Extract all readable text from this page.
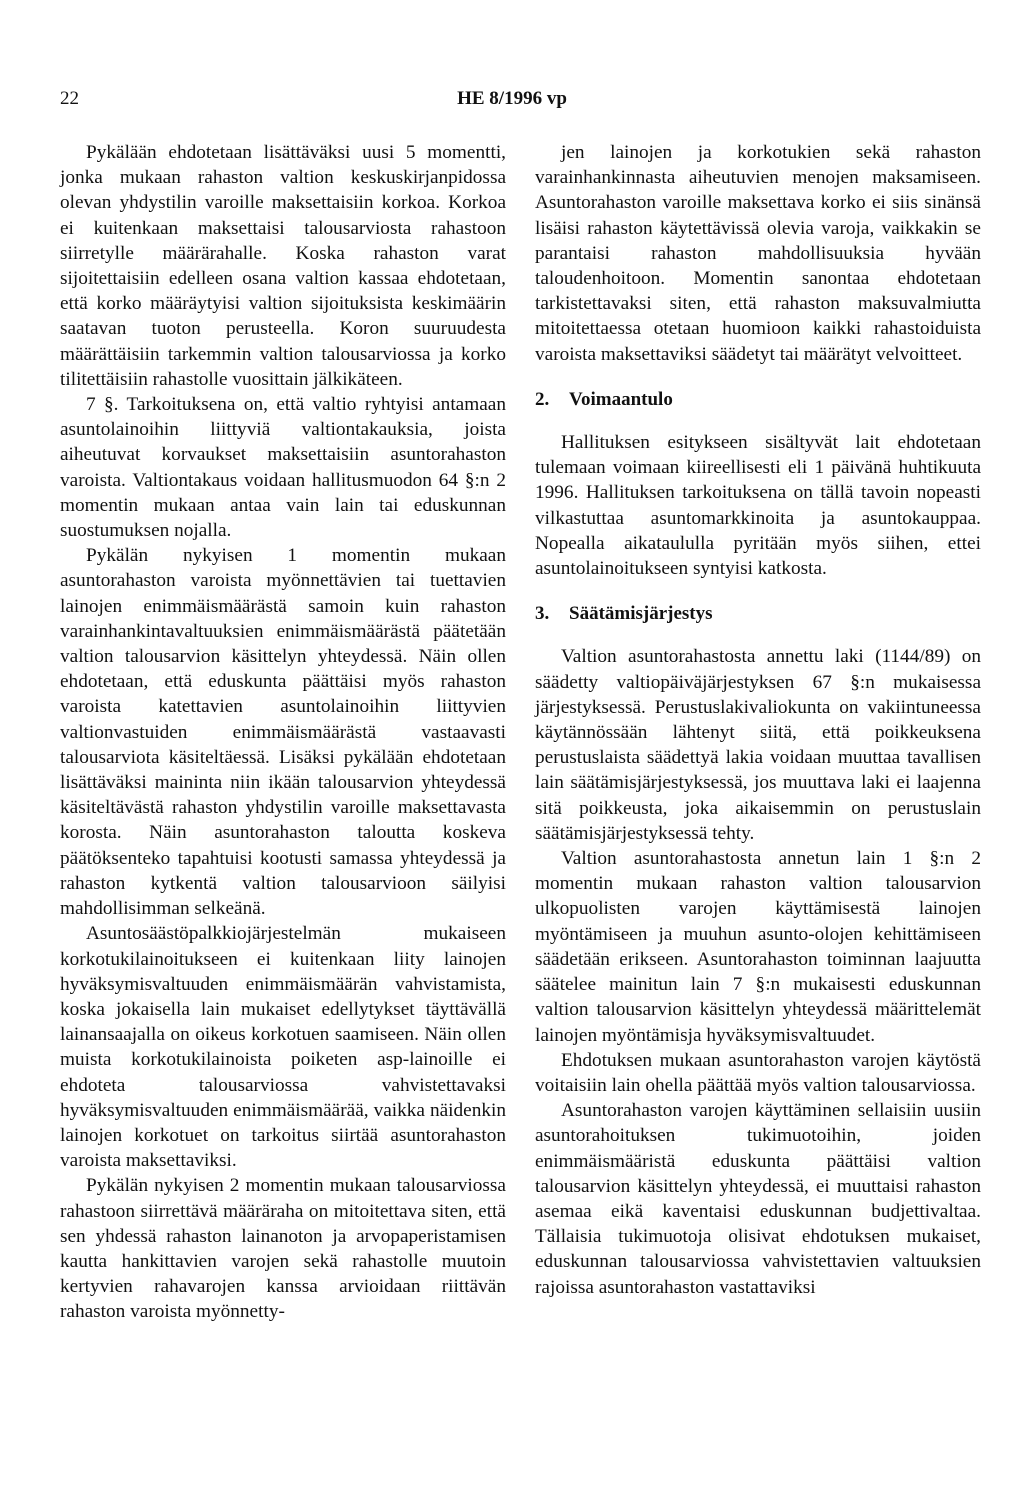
22	HE 8/1996 vp

Pykälään ehdotetaan lisättäväksi uusi 5 momentti, jonka mukaan rahaston valtion keskuskirjanpidossa olevan yhdystilin varoille maksettaisiin korkoa. Korkoa ei kuitenkaan maksettaisi talousarviosta rahastoon siirretylle määrärahalle. Koska rahaston varat sijoitettaisiin edelleen osana valtion kassaa ehdotetaan, että korko määräytyisi valtion sijoituksista keskimäärin saatavan tuoton perusteella. Koron suuruudesta määrättäisiin tarkemmin valtion talousarviossa ja korko tilitettäisiin rahastolle vuosittain jälkikäteen.

7 §. Tarkoituksena on, että valtio ryhtyisi antamaan asuntolainoihin liittyviä valtiontakauksia, joista aiheutuvat korvaukset maksettaisiin asuntorahaston varoista. Valtiontakaus voidaan hallitusmuodon 64 §:n 2 momentin mukaan antaa vain lain tai eduskunnan suostumuksen nojalla.

Pykälän nykyisen 1 momentin mukaan asuntorahaston varoista myönnettävien tai tuettavien lainojen enimmäismäärästä samoin kuin rahaston varainhankintavaltuuksien enimmäismäärästä päätetään valtion talousarvion käsittelyn yhteydessä. Näin ollen ehdotetaan, että eduskunta päättäisi myös rahaston varoista katettavien asuntolainoihin liittyvien valtionvastuiden enimmäismäärästä vastaavasti talousarviota käsiteltäessä. Lisäksi pykälään ehdotetaan lisättäväksi maininta niin ikään talousarvion yhteydessä käsiteltävästä rahaston yhdystilin varoille maksettavasta korosta. Näin asuntorahaston taloutta koskeva päätöksenteko tapahtuisi kootusti samassa yhteydessä ja rahaston kytkentä valtion talousarvioon säilyisi mahdollisimman selkeänä.

Asuntosäästöpalkkiojärjestelmän mukaiseen korkotukilainoitukseen ei kuitenkaan liity lainojen hyväksymisvaltuuden enimmäismäärän vahvistamista, koska jokaisella lain mukaiset edellytykset täyttävällä lainansaajalla on oikeus korkotuen saamiseen. Näin ollen muista korkotukilainoista poiketen asp-lainoille ei ehdoteta talousarviossa vahvistettavaksi hyväksymisvaltuuden enimmäismäärää, vaikka näidenkin lainojen korkotuet on tarkoitus siirtää asuntorahaston varoista maksettaviksi.

Pykälän nykyisen 2 momentin mukaan talousarviossa rahastoon siirrettävä määräraha on mitoitettava siten, että sen yhdessä rahaston lainanoton ja arvopaperistamisen kautta hankittavien varojen sekä rahastolle muutoin kertyvien rahavarojen kanssa arvioidaan riittävän rahaston varoista myönnetty-

jen lainojen ja korkotukien sekä rahaston varainhankinnasta aiheutuvien menojen maksamiseen. Asuntorahaston varoille maksettava korko ei siis sinänsä lisäisi rahaston käytettävissä olevia varoja, vaikkakin se parantaisi rahaston mahdollisuuksia hyvään taloudenhoitoon. Momentin sanontaa ehdotetaan tarkistettavaksi siten, että rahaston maksuvalmiutta mitoitettaessa otetaan huomioon kaikki rahastoiduista varoista maksettaviksi säädetyt tai määrätyt velvoitteet.

2. Voimaantulo

Hallituksen esitykseen sisältyvät lait ehdotetaan tulemaan voimaan kiireellisesti eli 1 päivänä huhtikuuta 1996. Hallituksen tarkoituksena on tällä tavoin nopeasti vilkastuttaa asuntomarkkinoita ja asuntokauppaa. Nopealla aikataululla pyritään myös siihen, ettei asuntolainoitukseen syntyisi katkosta.

3. Säätämisjärjestys

Valtion asuntorahastosta annettu laki (1144/89) on säädetty valtiopäiväjärjestyksen 67 §:n mukaisessa järjestyksessä. Perustuslakivaliokunta on vakiintuneessa käytännössään lähtenyt siitä, että poikkeuksena perustuslaista säädettyä lakia voidaan muuttaa tavallisen lain säätämisjärjestyksessä, jos muuttava laki ei laajenna sitä poikkeusta, joka aikaisemmin on perustuslain säätämisjärjestyksessä tehty.

Valtion asuntorahastosta annetun lain 1 §:n 2 momentin mukaan rahaston valtion talousarvion ulkopuolisten varojen käyttämisestä lainojen myöntämiseen ja muuhun asunto-olojen kehittämiseen säädetään erikseen. Asuntorahaston toiminnan laajuutta säätelee mainitun lain 7 §:n mukaisesti eduskunnan valtion talousarvion käsittelyn yhteydessä määrittelemät lainojen myöntämisja hyväksymisvaltuudet.

Ehdotuksen mukaan asuntorahaston varojen käytöstä voitaisiin lain ohella päättää myös valtion talousarviossa.

Asuntorahaston varojen käyttäminen sellaisiin uusiin asuntorahoituksen tukimuotoihin, joiden enimmäismääristä eduskunta päättäisi valtion talousarvion käsittelyn yhteydessä, ei muuttaisi rahaston asemaa eikä kaventaisi eduskunnan budjettivaltaa. Tällaisia tukimuotoja olisivat ehdotuksen mukaiset, eduskunnan talousarviossa vahvistettavien valtuuksien rajoissa asuntorahaston vastattaviksi
